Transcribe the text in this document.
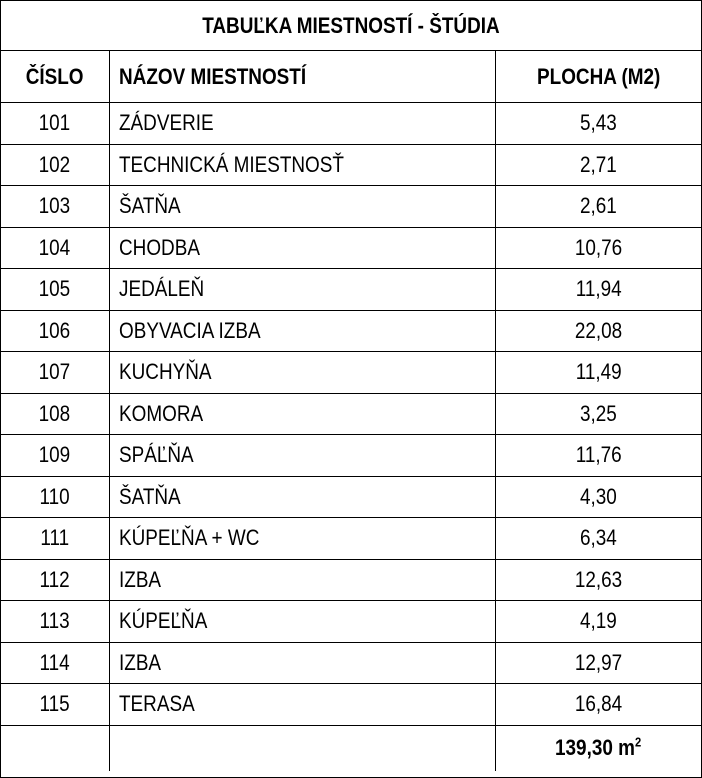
TABUĽKA MIESTNOSTÍ - ŠTÚDIA		
ČÍSLO	NÁZOV MIESTNOSTÍ	PLOCHA (M2)
101	ZÁDVERIE	5,43
102	TECHNICKÁ MIESTNOSŤ	2,71
103	ŠATŇA	2,61
104	CHODBA	10,76
105	JEDÁLEŇ	11,94
106	OBYVACIA IZBA	22,08
107	KUCHYŇA	11,49
108	KOMORA	3,25
109	SPÁĽŇA	11,76
110	ŠATŇA	4,30
111	KÚPEĽŇA + WC	6,34
112	IZBA	12,63
113	KÚPEĽŇA	4,19
114	IZBA	12,97
115	TERASA	16,84
		139,30 $m^2$
